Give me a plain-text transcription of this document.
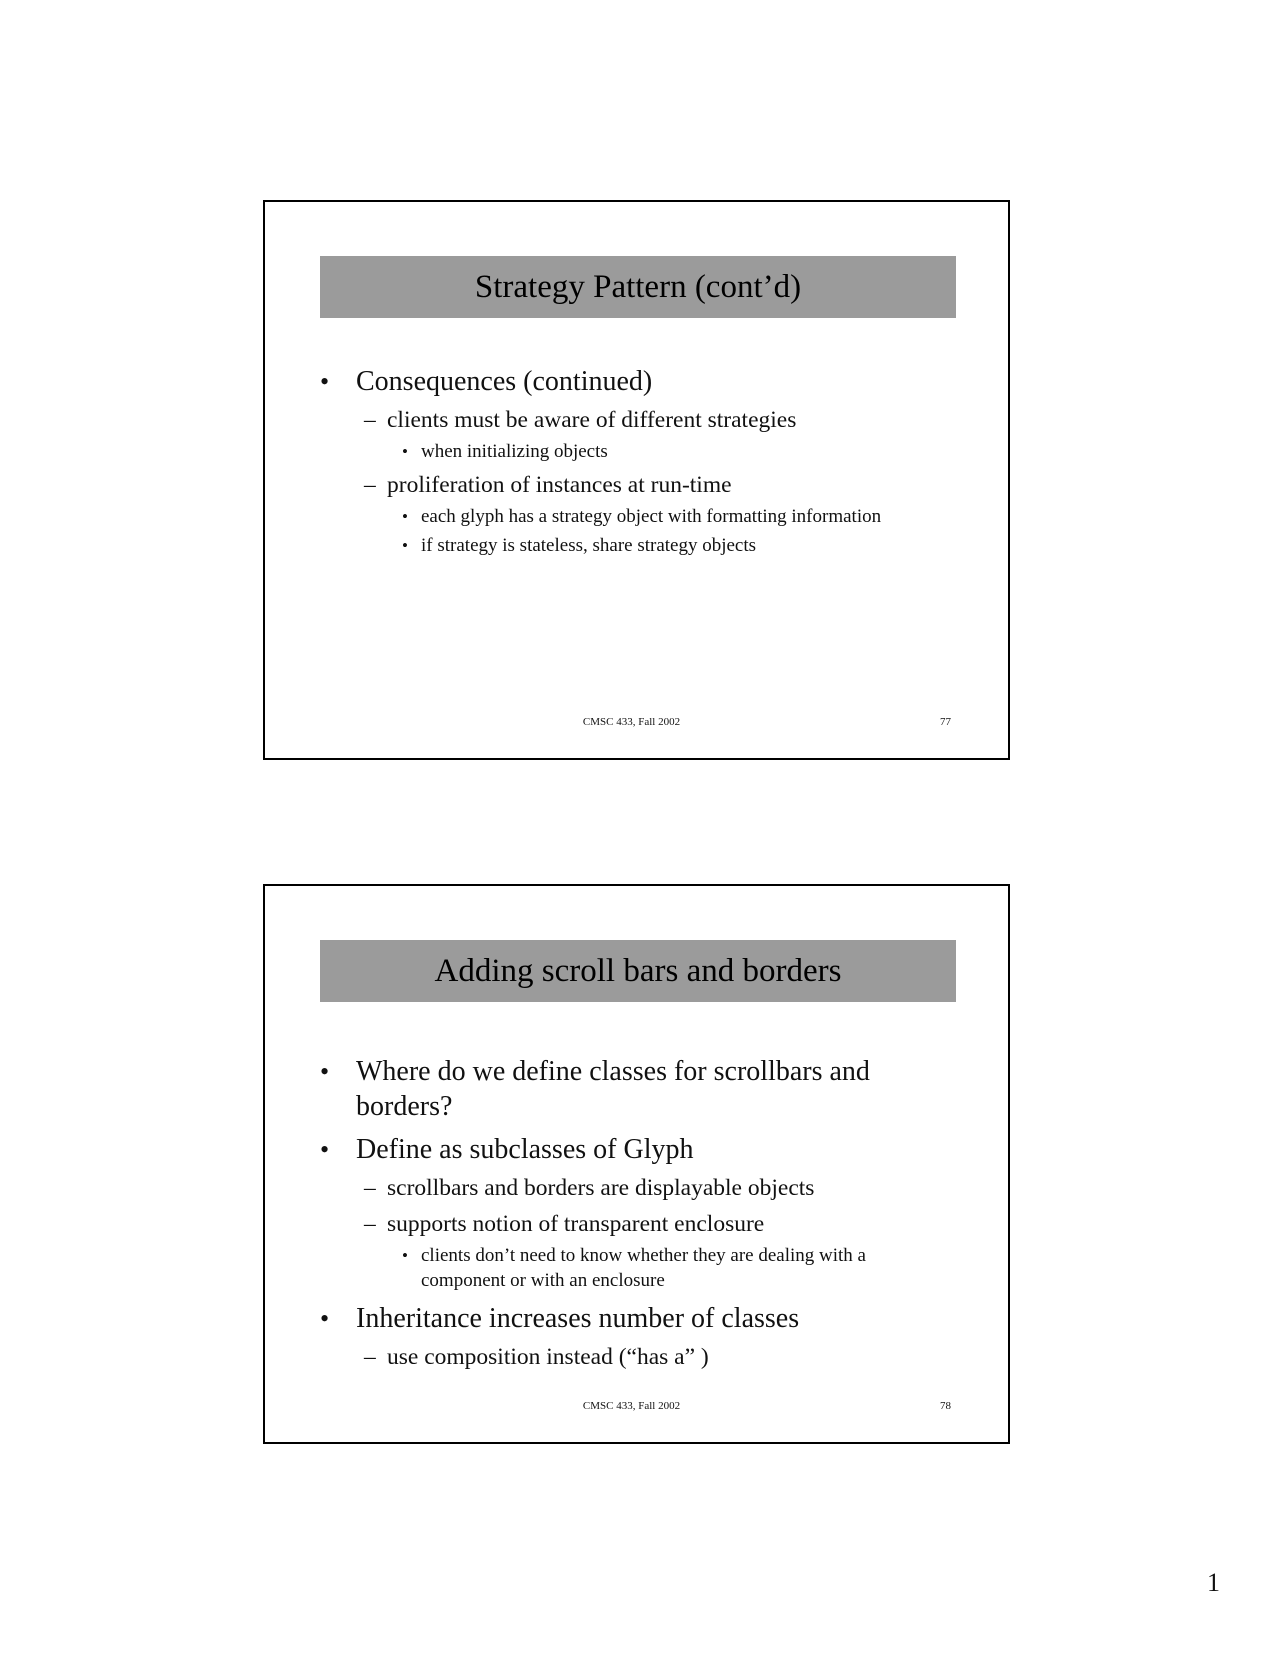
Strategy Pattern (cont’d)
• Consequences (continued)
– clients must be aware of different strategies
• when initializing objects
– proliferation of instances at run-time
• each glyph has a strategy object with formatting information
• if strategy is stateless, share strategy objects
CMSC 433, Fall 2002	77
Adding scroll bars and borders
• Where do we define classes for scrollbars and
borders?
• Define as subclasses of Glyph
– scrollbars and borders are displayable objects
– supports notion of transparent enclosure
• clients don’t need to know whether they are dealing with a
component or with an enclosure
• Inheritance increases number of classes
– use composition instead (“has a” )
CMSC 433, Fall 2002	78
1
